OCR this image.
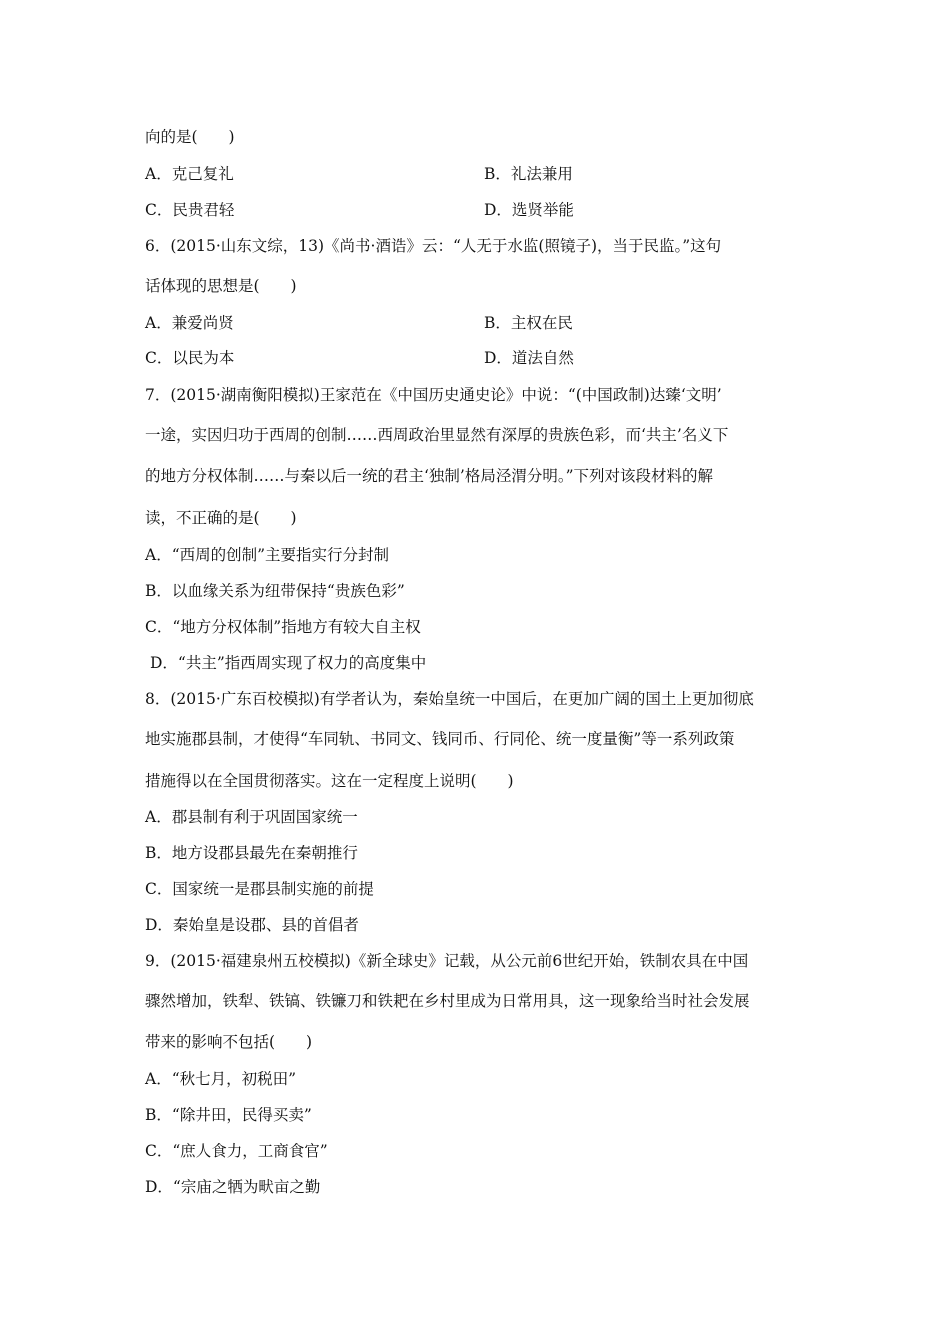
向的是(　　)
A．克己复礼	B．礼法兼用
C．民贵君轻	D．选贤举能
6．(2015·山东文综，13)《尚书·酒诰》云：“人无于水监(照镜子)，当于民监。”这句
话体现的思想是(　　)
A．兼爱尚贤	B．主权在民
C．以民为本	D．道法自然
7．(2015·湖南衡阳模拟)王家范在《中国历史通史论》中说：“(中国政制)达臻‘文明’
一途，实因归功于西周的创制……西周政治里显然有深厚的贵族色彩，而‘共主’名义下
的地方分权体制……与秦以后一统的君主‘独制’格局泾渭分明。”下列对该段材料的解
读，不正确的是(　　)
A．“西周的创制”主要指实行分封制
B．以血缘关系为纽带保持“贵族色彩”
C．“地方分权体制”指地方有较大自主权
D．“共主”指西周实现了权力的高度集中
8．(2015·广东百校模拟)有学者认为，秦始皇统一中国后，在更加广阔的国土上更加彻底
地实施郡县制，才使得“车同轨、书同文、钱同币、行同伦、统一度量衡”等一系列政策
措施得以在全国贯彻落实。这在一定程度上说明(　　)
A．郡县制有利于巩固国家统一
B．地方设郡县最先在秦朝推行
C．国家统一是郡县制实施的前提
D．秦始皇是设郡、县的首倡者
9．(2015·福建泉州五校模拟)《新全球史》记载，从公元前6世纪开始，铁制农具在中国
骤然增加，铁犁、铁镐、铁镰刀和铁耙在乡村里成为日常用具，这一现象给当时社会发展
带来的影响不包括(　　)
A．“秋七月，初税田”
B．“除井田，民得买卖”
C．“庶人食力，工商食官”
D．“宗庙之牺为畎亩之勤
